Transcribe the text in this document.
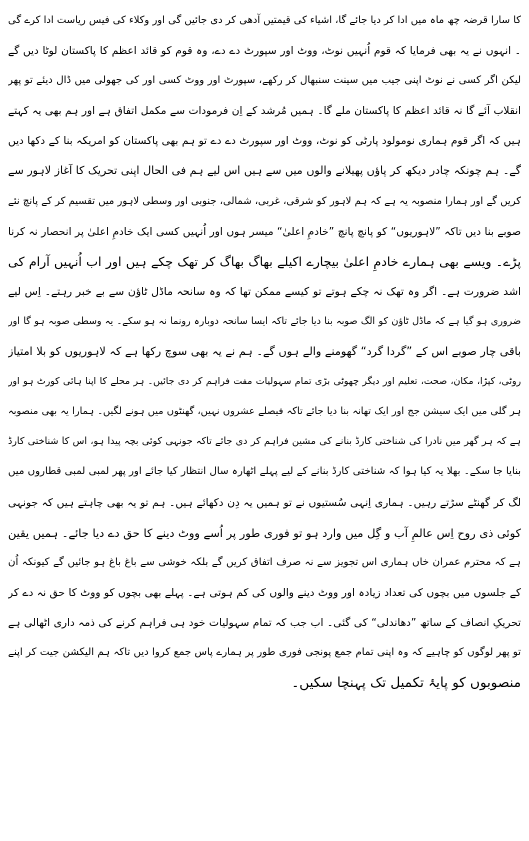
کا سارا قرضہ چھ ماہ میں ادا کر دیا جائے گا، اشیاء کی قیمتیں آدھی کر دی جائیں گی اور وکلاء کی فیس ریاست ادا کرے گی
۔ انہوں نے یہ بھی فرمایا کہ قوم اُنہیں نوٹ، ووٹ اور سپورٹ دے دے، وہ قوم کو قائد اعظم کا پاکستان لوٹا دیں گے
لیکن اگر کسی نے نوٹ اپنی جیب میں سینت سنبھال کر رکھے، سپورٹ اور ووٹ کسی اور کی جھولی میں ڈال دیئے تو پھر
انقلاب آئے گا نہ قائد اعظم کا پاکستان ملے گا۔ ہمیں مُرشد کے اِن فرمودات سے مکمل اتفاق ہے اور ہم بھی یہ کہتے
ہیں کہ اگر قوم ہماری نومولود پارٹی کو نوٹ، ووٹ اور سپورٹ دے دے تو ہم بھی پاکستان کو امریکہ بنا کے دکھا دیں
گے۔ ہم چونکہ چادر دیکھ کر پاؤں پھیلانے والوں میں سے ہیں اس لیے ہم فی الحال اپنی تحریک کا آغاز لاہور سے
کریں گے اور ہمارا منصوبہ یہ ہے کہ ہم لاہور کو شرقی، غربی، شمالی، جنوبی اور وسطی لاہور میں تقسیم کر کے پانچ نئے
صوبے بنا دیں تاکہ ”لاہوریوں“ کو پانچ پانچ ”خادمِ اعلیٰ“ میسر ہوں اور اُنہیں کسی ایک خادمِ اعلیٰ پر انحصار نہ کرنا
پڑے۔ ویسے بھی ہمارے خادمِ اعلیٰ بیچارے اکیلے بھاگ بھاگ کر تھک چکے ہیں اور اب اُنہیں آرام کی
اشد ضرورت ہے۔ اگر وہ تھک نہ چکے ہوتے تو کیسے ممکن تھا کہ وہ سانحہ ماڈل ٹاؤن سے بے خبر رہتے۔ اِس لیے
ضروری ہو گیا ہے کہ ماڈل ٹاؤن کو الگ صوبہ بنا دیا جائے تاکہ ایسا سانحہ دوبارہ رونما نہ ہو سکے۔ یہ وسطی صوبہ ہو گا اور
باقی چار صوبے اس کے ”گردا گرد“ گھومنے والے ہوں گے۔ ہم نے یہ بھی سوچ رکھا ہے کہ لاہوریوں کو بلا امتیاز
روٹی، کپڑا، مکان، صحت، تعلیم اور دیگر چھوٹی بڑی تمام سہولیات مفت فراہم کر دی جائیں۔ ہر محلے کا اپنا ہائی کورٹ ہو اور
ہر گلی میں ایک سیشن جج اور ایک تھانہ بنا دیا جائے تاکہ فیصلے عشروں نہیں، گھنٹوں میں ہونے لگیں۔ ہمارا یہ بھی منصوبہ
ہے کہ ہر گھر میں نادرا کی شناختی کارڈ بنانے کی مشین فراہم کر دی جائے تاکہ جونہی کوئی بچہ پیدا ہو، اس کا شناختی کارڈ
بنایا جا سکے۔ بھلا یہ کیا ہوا کہ شناختی کارڈ بنانے کے لیے پہلے اٹھارہ سال انتظار کیا جائے اور پھر لمبی لمبی قطاروں میں
لگ کر گھنٹے سڑتے رہیں۔ ہماری اِنہی سُستیوں نے تو ہمیں یہ دِن دکھائے ہیں۔ ہم تو یہ بھی چاہتے ہیں کہ جونہی
کوئی ذی روح اِس عالمِ آب و گِل میں وارد ہو تو فوری طور پر اُسے ووٹ دینے کا حق دے دیا جائے۔ ہمیں یقین
ہے کہ محترم عمران خاں ہماری اس تجویز سے نہ صرف اتفاق کریں گے بلکہ خوشی سے باغ باغ ہو جائیں گے کیونکہ اُن
کے جلسوں میں بچوں کی تعداد زیادہ اور ووٹ دینے والوں کی کم ہوتی ہے۔ پہلے بھی بچوں کو ووٹ کا حق نہ دے کر
تحریکِ انصاف کے ساتھ ”دھاندلی“ کی گئی۔ اب جب کہ تمام سہولیات خود ہی فراہم کرنے کی ذمہ داری اٹھالی ہے
تو پھر لوگوں کو چاہیے کہ وہ اپنی تمام جمع پونجی فوری طور پر ہمارے پاس جمع کروا دیں تاکہ ہم الیکشن جیت کر اپنے
منصوبوں کو پایۂ تکمیل تک پہنچا سکیں۔
